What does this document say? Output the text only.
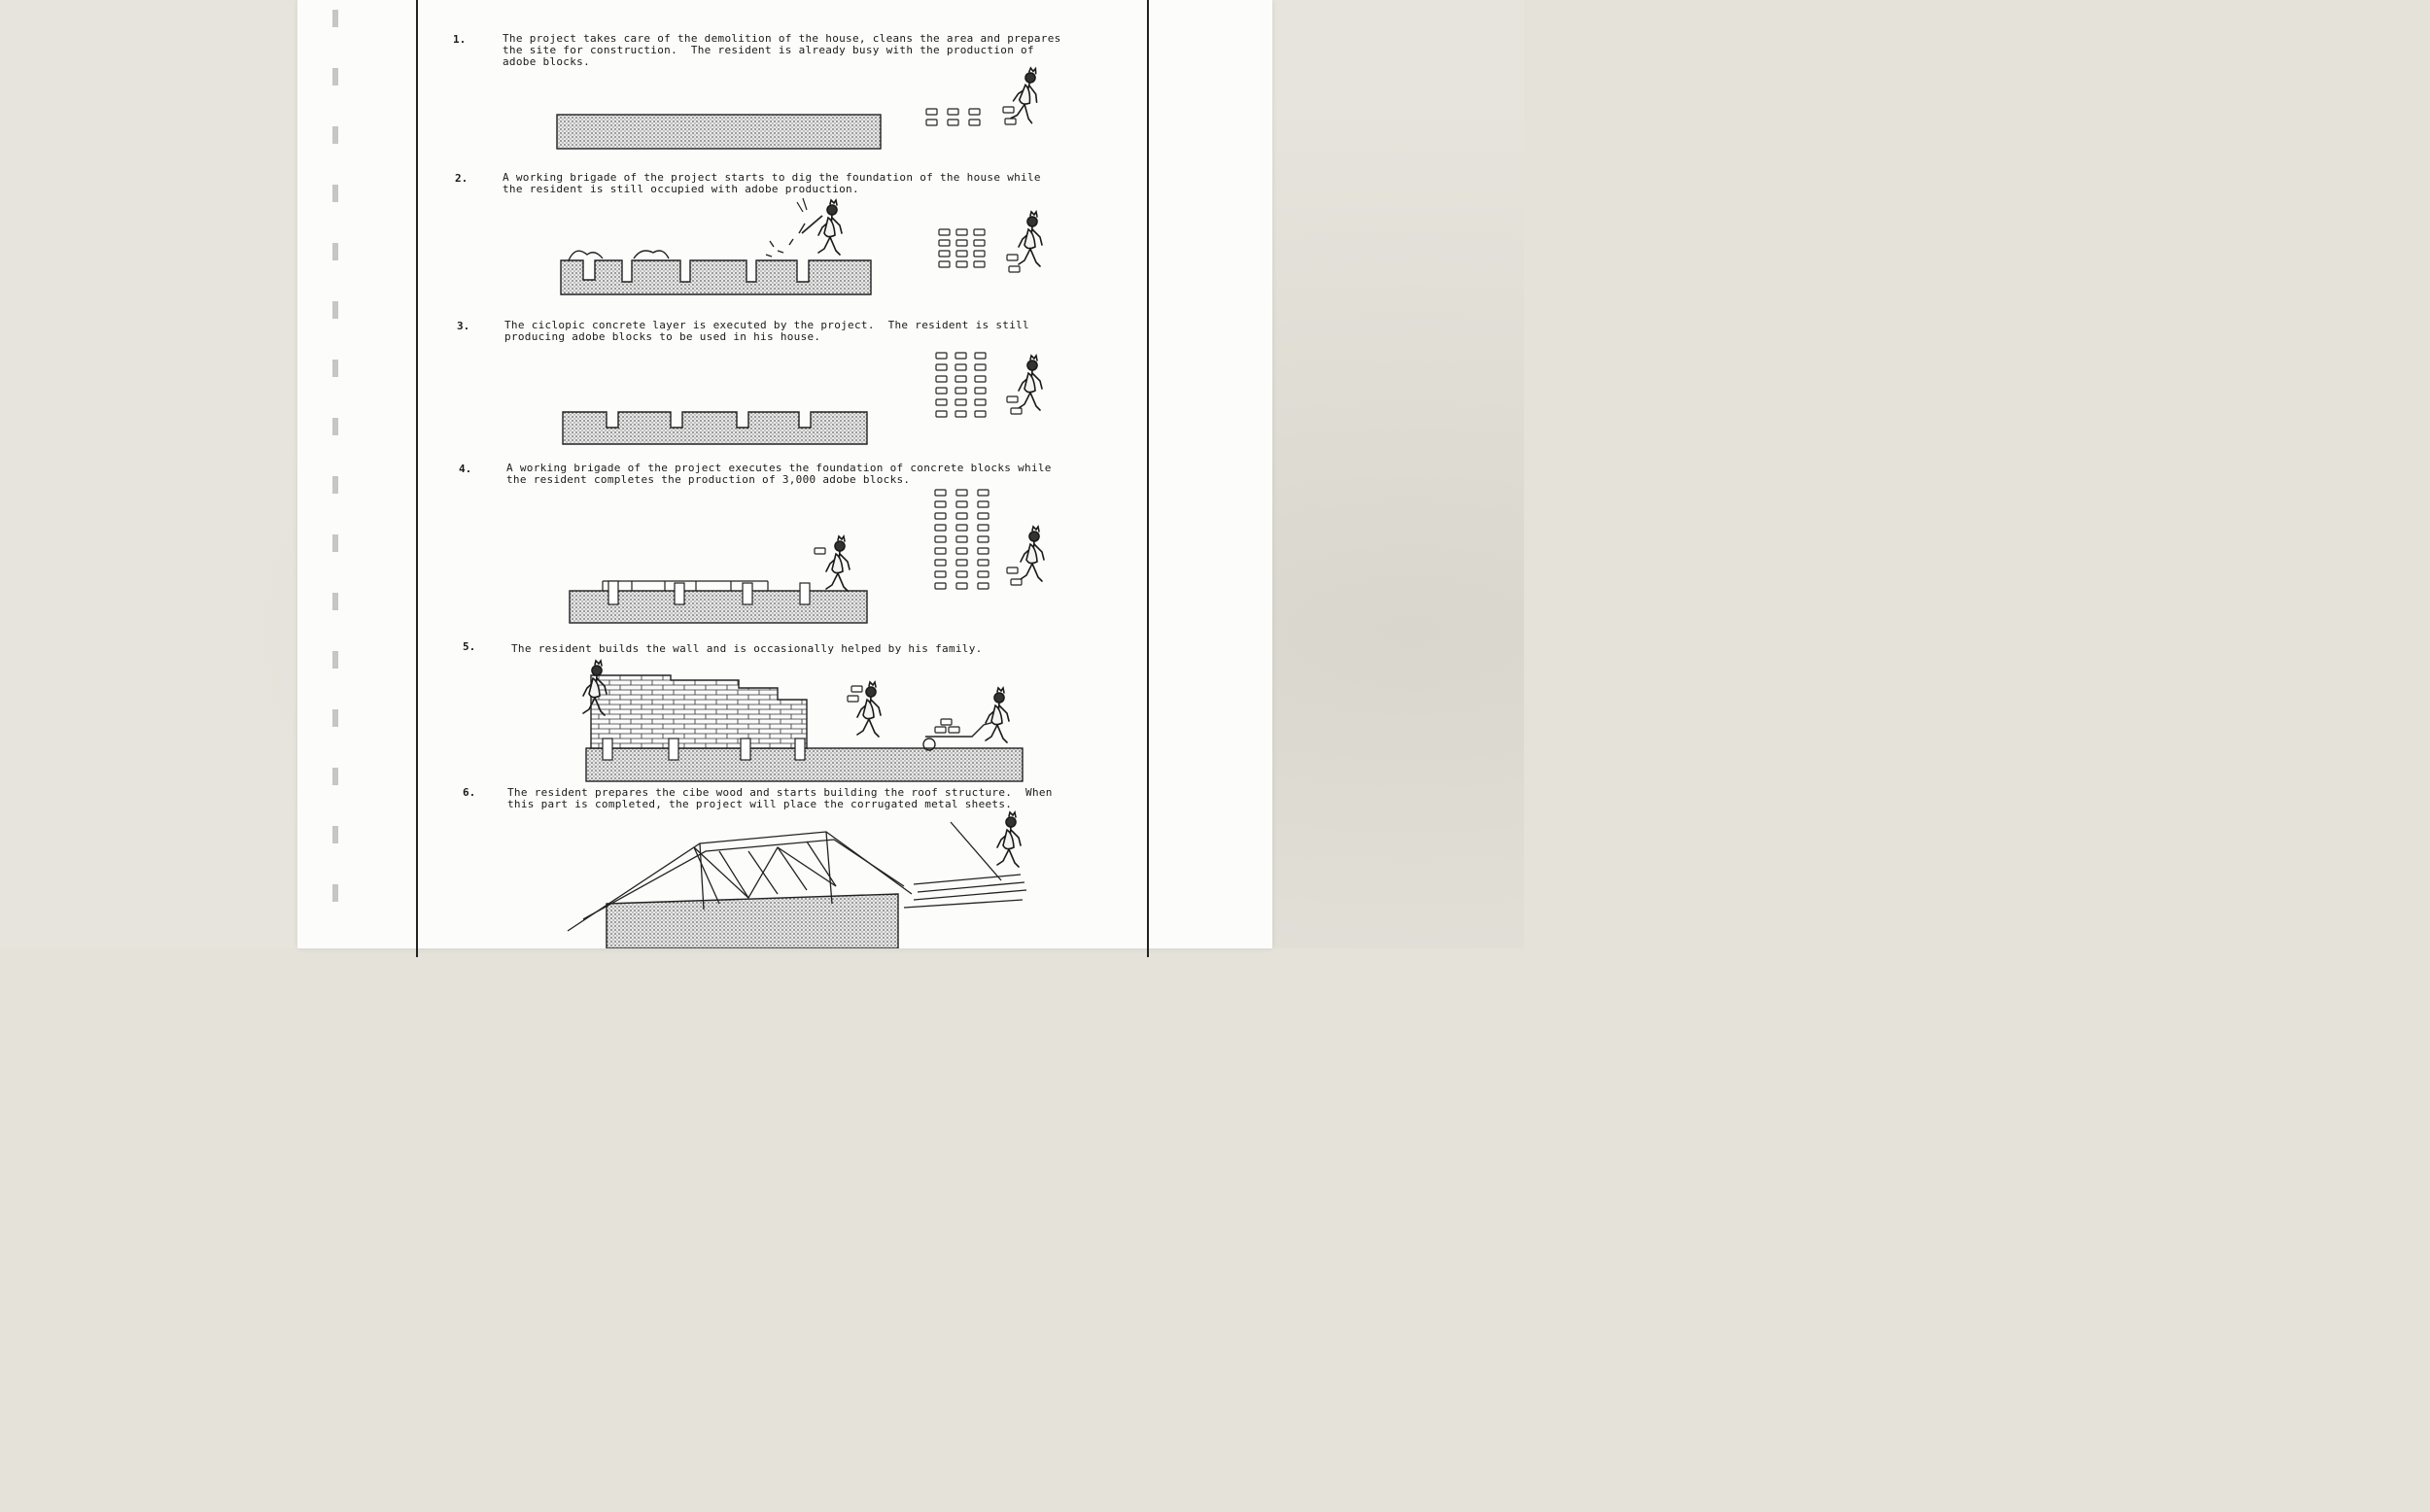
1.	The project takes care of the demolition of the house, cleans the area and prepares the site for construction.  The resident is already busy with the production of adobe blocks.
2.	A working brigade of the project starts to dig the foundation of the house while the resident is still occupied with adobe production.
3.	The ciclopic concrete layer is executed by the project.  The resident is still producing adobe blocks to be used in his house.
4.	A working brigade of the project executes the foundation of concrete blocks while the resident completes the production of 3,000 adobe blocks.
5.	The resident builds the wall and is occasionally helped by his family.
6.	The resident prepares the cibe wood and starts building the roof structure.  When this part is completed, the project will place the corrugated metal sheets.
